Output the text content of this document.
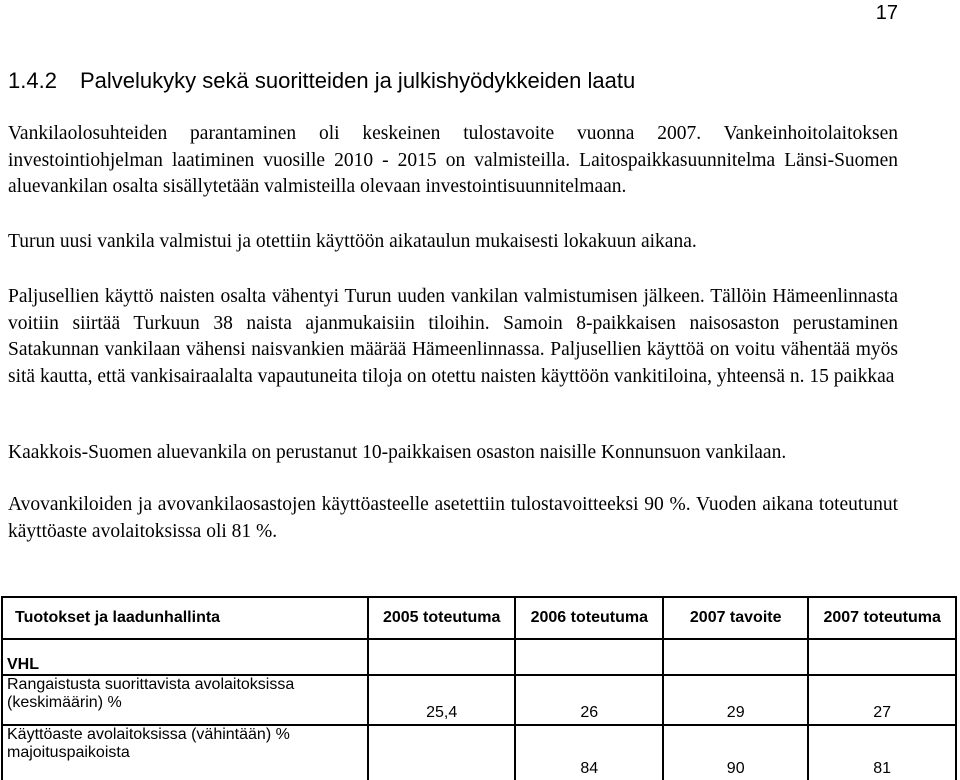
17
1.4.2 Palvelukyky sekä suoritteiden ja julkishyödykkeiden laatu
Vankilaolosuhteiden parantaminen oli keskeinen tulostavoite vuonna 2007. Vankeinhoitolaitoksen investointiohjelman laatiminen vuosille 2010 - 2015 on valmisteilla. Laitospaikkasuunnitelma Länsi-Suomen aluevankilan osalta sisällytetään valmisteilla olevaan investointisuunnitelmaan.
Turun uusi vankila valmistui ja otettiin käyttöön aikataulun mukaisesti lokakuun aikana.
Paljusellien käyttö naisten osalta vähentyi Turun uuden vankilan valmistumisen jälkeen. Tällöin Hämeenlinnasta voitiin siirtää Turkuun 38 naista ajanmukaisiin tiloihin. Samoin 8-paikkaisen naisosaston perustaminen Satakunnan vankilaan vähensi naisvankien määrää Hämeenlinnassa. Paljusellien käyttöä on voitu vähentää myös sitä kautta, että vankisairaalalta vapautuneita tiloja on otettu naisten käyttöön vankitiloina, yhteensä n. 15 paikkaa
Kaakkois-Suomen aluevankila on perustanut 10-paikkaisen osaston naisille Konnunsuon vankilaan.
Avovankiloiden ja avovankilaosastojen käyttöasteelle asetettiin tulostavoitteeksi 90 %. Vuoden aikana toteutunut käyttöaste avolaitoksissa oli 81 %.
Tuotokset ja laadunhallinta	2005 toteutuma	2006 toteutuma	2007 tavoite	2007 toteutuma
VHL				
Rangaistusta suorittavista avolaitoksissa (keskimäärin) %	25,4	26	29	27
Käyttöaste avolaitoksissa (vähintään) % majoituspaikoista		84	90	81
